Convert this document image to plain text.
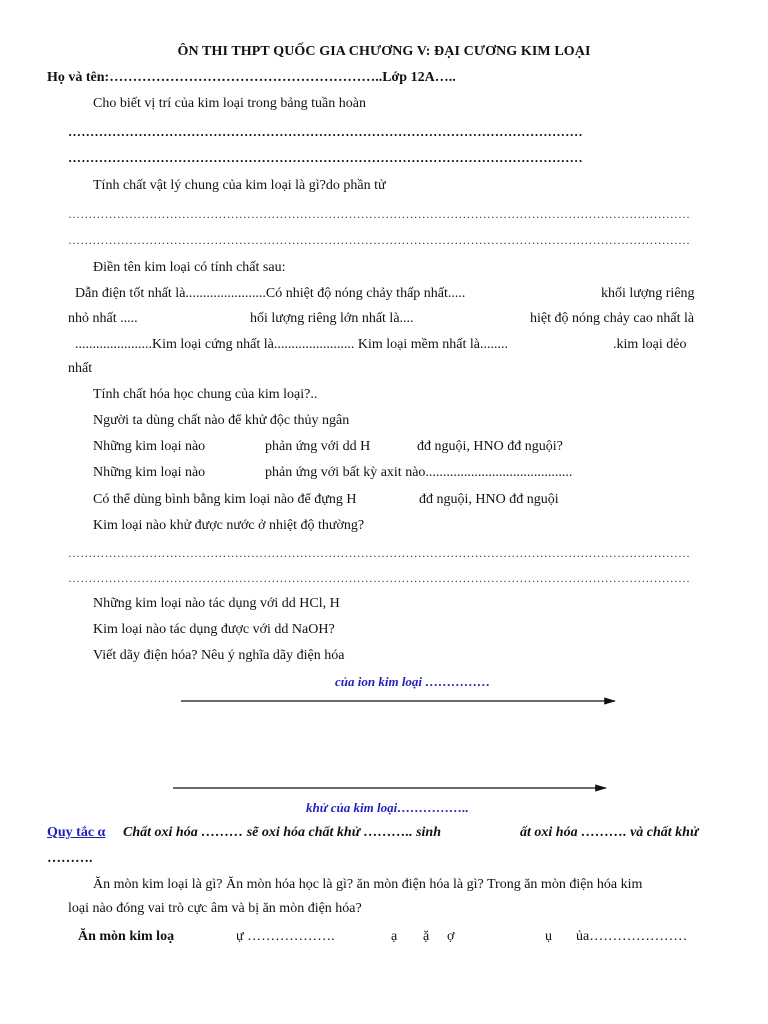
ÔN THI THPT QUỐC GIA CHƯƠNG V: ĐẠI CƯƠNG KIM LOẠI
Họ và tên:…………………………………………………..Lớp 12A…..
Cho biết vị trí của kim loại trong bảng tuần hoàn
………………………………………………………………………………………………………
………………………………………………………………………………………………………
Tính chất vật lý chung của kim loại là gì?do phần tử
………………………………………………………………………………………………………………………………………
………………………………………………………………………………………………………………………………………
Điền tên kim loại có tính chất sau:
Dẫn điện tốt nhất là.......................Có nhiệt độ nóng chảy thấp nhất.....	khối lượng riêng
nhỏ nhất .....	hối lượng riêng lớn nhất là....	hiệt độ nóng chảy cao nhất là
......................Kim loại cứng nhất là....................... Kim loại mềm nhất là........	.kim loại dẻo
nhất
Tính chất hóa học chung của kim loại?..
Người ta dùng chất nào để khử độc thủy ngân
Những kim loại nào	phản ứng với dd H	đđ nguội, HNO đđ nguội?
Những kim loại nào	phản ứng với bất kỳ axit nào..........................................
Có thể dùng bình bằng kim loại nào để đựng H	đđ nguội, HNO đđ nguội
Kim loại nào khử được nước ở nhiệt độ thường?
………………………………………………………………………………………………………………………………………
………………………………………………………………………………………………………………………………………
Những kim loại nào tác dụng với dd HCl, H
Kim loại nào tác dụng được với dd NaOH?
Viết dãy điện hóa? Nêu ý nghĩa dãy điện hóa
của ion kim loại ……………
khử của kim loại……………..
Quy tắc α Chất oxi hóa ……… sẽ oxi hóa chất khử ……….. sinh	ất oxi hóa ………. và chất khử
……….
Ăn mòn kim loại là gì? Ăn mòn hóa học là gì? ăn mòn điện hóa là gì? Trong ăn mòn điện hóa kim
loại nào đóng vai trò cực âm và bị ăn mòn điện hóa?
Ăn mòn kim loạ	ự ……………….	ạ ặ ợ	ụ ủa…………………
